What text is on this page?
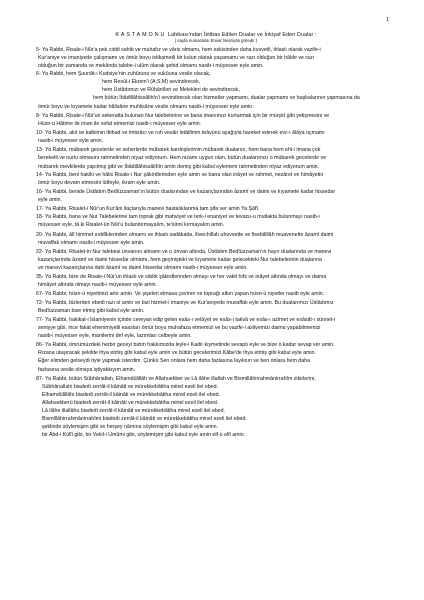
1
KASTAMONU Lahikası'ndan İktibas Edilen Dualar ve İnkişaf Eden Dualar :
( sayfa numaraları Envar Neşriyatı göredir )
5- Ya Rabbi, Risale-i Nûr'a pek ciddi sahib ve muhafız ve vâris olmamı, hem eskisinden daha kuvvetli, ihlaslı olarak vazife-i
Kur'aniye ve imaniyede çalışmamı ve ömür boyu istikametli bir kulun olarak yaşamamı ve razı olduğun bir hâlde ve razı
olduğun bir zamanda ve mekânda talebe-i ulûm olarak şehid olmamı nasib-i müyesser eyle amin.
6- Ya Rabbi, hem Şuunât-ı Kudsiye'nin zuhûruna ve vukûuna vesile olacak,
hem Resûl-i Ekrem'i (A.S.M) sevindirecek,
hem Üstâdımızı ve Rûhânîleri ve Melekleri de sevindirecek,
hem bütün İbâdillâhissâlihîn'i sevindirecek olan hizmetler yapmamı, dualar yapmamı ve başkalarının yapmasına da
ömür boyu ve kıyamete kadar hâlisâne muhlisâne vesile olmamı nasib-i müyesser eyle amin.
8- Ya Rabbi, Risale-i Nûr'un sekeratta bulunan Nur talebelerine ve bana imanımızı kurtarmak için bir mürşid gibi yetişmesini ve
Hüsn-ü Hâtime ile iman ile vefat etmemizi nasib-i müyesser eyle amin.
10- Ya Rabbi, akıl ve kalbimin ittihad ve imtizâcı ve ruh vesâir letâifimin teâvünü ayağıyla hareket ederek evc-i âlâya uçmamı
nasib-i müyesser eyle amin.
13- Ya Rabbi, mübarek gecelerde ve seherlerde mübarek kardeşlerimin mübarek dualarını, hem bana hem ehl-i imana çok
bereketli ve nurlu olmasını rahmetinden niyaz ediyorum. Hem nizamı uygun olan, bütün dualarımızı o mübarek gecelerde ve
mübarek mevkilerde yapılmış gibi ve İbâdillâhissâlihîn amin demiş gibi kabul eylemeni rahmetinden niyaz ediyorum amin.
14- Ya Rabbi, beni hakiki ve hâlis Risale-i Nur şâkirdlerinden eyle amin ve bana olan inâyet ve rahmet, nezâret ve himâyetin
ömür boyu devam etmesini lütfeyle, ikram eyle amin.
16- Ya Rabbi, benide Üstâdım Bedîüzzaman'ın bütün dualarından ve kazançlarından âzamî ve daimi ve kıyamete kadar hissedar
eyle amin.
17- Ya Rabbi, Risalet-i Nûr'un Kur'âni ilaçlarıyla manevi hastalıklarıma tam şifa ver amin Ya Şâfî.
18- Ya Rabbi, bana ve Nur Talebelerine tam toprak gibi mahviyet ve terk-i enaniyet ve tevazu-u mutlakta bulunmayı nasib-i
müyesser eyle, tâ ki Risalet-ün Nûr'u bulandırmayalım, te'sirini kırmayalım amin.
20- Ya Rabbi, âlî himmet sıddîklerinden olmamı ve ihlaslı sadâkatta, ilivechillah uhuvvette ve fisebilillâh muavenette âzamî daimi
muvaffak olmamı nasib-i müyesser eyle amin.
22- Ya Rabbi, Risalet-in Nur talebesi ünvanını almamı ve o ünvan altında, Üstâdım Bedîüzzaman'ın hayır dualarında ve manevi
kazançlarında âzamî ve daimi hissedar olmamı, hem geçmişteki ve kıyamete kadar gelecekteki Nur talebelerinin dualarına
ve manevi kazançlarına dahi âzamî ve daimi hissedar olmamı nasib-i müyesser eyle amin.
35- Ya Rabbi, bize de Risale-i Nûr'un ihlaslı ve sâdık şâkirdlerinden olmayı ve her vakit hıfz ve inâyet altında olmayı ve daima
himâyet altında olmayı nasib-i müyesser eyle amin.
67- Ya Rabbi, hüsn-ü niyetimizi artır amin. Ve şişeleri elmasa çeviren ve toprağı altun yapan hüsn-ü niyetler nasib eyle amin.
72- Ya Rabbi, bizlerden ebedi razı ol amin ve bizi hizmet-i imaniye ve Kur'aniyede muvaffak eyle amin. Bu dualarımızı Üstâdımız
Bedîüzzaman bize etmiş gibi kabul eyle amin.
77- Ya Rabbi, hakikat-i İslamiyenin içinde cereyan edip gelen esâs-ı velâyet ve esâs-ı takvâ ve esâs-ı azîmet ve esâsât-ı sünnet-i
seniyye gibi, ince fakat ehemmiyetli esasları ömür boyu muhafaza etmemizi ve bu vazife-i asliyemizi daima yapabilmemizi
nasib-i müyesser eyle, manilerini def eyle, lazımları celbeyle amin.
86- Ya Rabbi, ömrümüzdeki herbir geceyi bizim hakkımızda leyle-i Kadir kıymetinde sevaplı eyle ve bize o kadar sevap ver amin.
Rızana ulaşıracak şekilde ihya etmiş gibi kabul eyle amin ve bütün gecelerimizi Kâbe'de ihya etmiş gibi kabul eyle amin.
Eğer elimden gelseydi öyle yapmak isterdim. Çünkü Sen onlara hem daha fazlasına layıksın ve ben onlara hem daha
fazlasına vesile olmaya iştiyakkıyım amin.
87- Ya Rabbi, bütün Sübhânallah, Elhamdülillâh ve Allahuekber ve Lâ ilâhe illallah ve Bismillâhirrahmânirrahîm zikirlerini,
Sübhânallahi biadedi zerrât-il kâinâti ve mürekkebâtiha minel ezeli ilel ebed.
Elhamdülillâhi biadedi zerrât-il kâinâti ve mürekkebâtiha minel ezeli ilel ebed.
Allahuekberü biadedi zerrât-il kâinâti ve mürekkebâtiha minel ezeli ilel ebed.
Lâ ilâhe illallâhu biadedi zerrât-il kâinâti ve mürekkebâtiha minel ezeli ilel ebed.
Bismillâhirrahmânirrahîmi biadedi zerrât-il kâinâti ve mürekkebâtiha minel ezeli ilel ebed.
şeklinde söylemişim gibi ve herşey nâmına söylemişim gibi kabul eyle amin.
bir Abd-i Küllî gibi, bir Vekil-i Umûmi gibi, söylemişim gibi kabul eyle amin elf-ü elfi amin.
